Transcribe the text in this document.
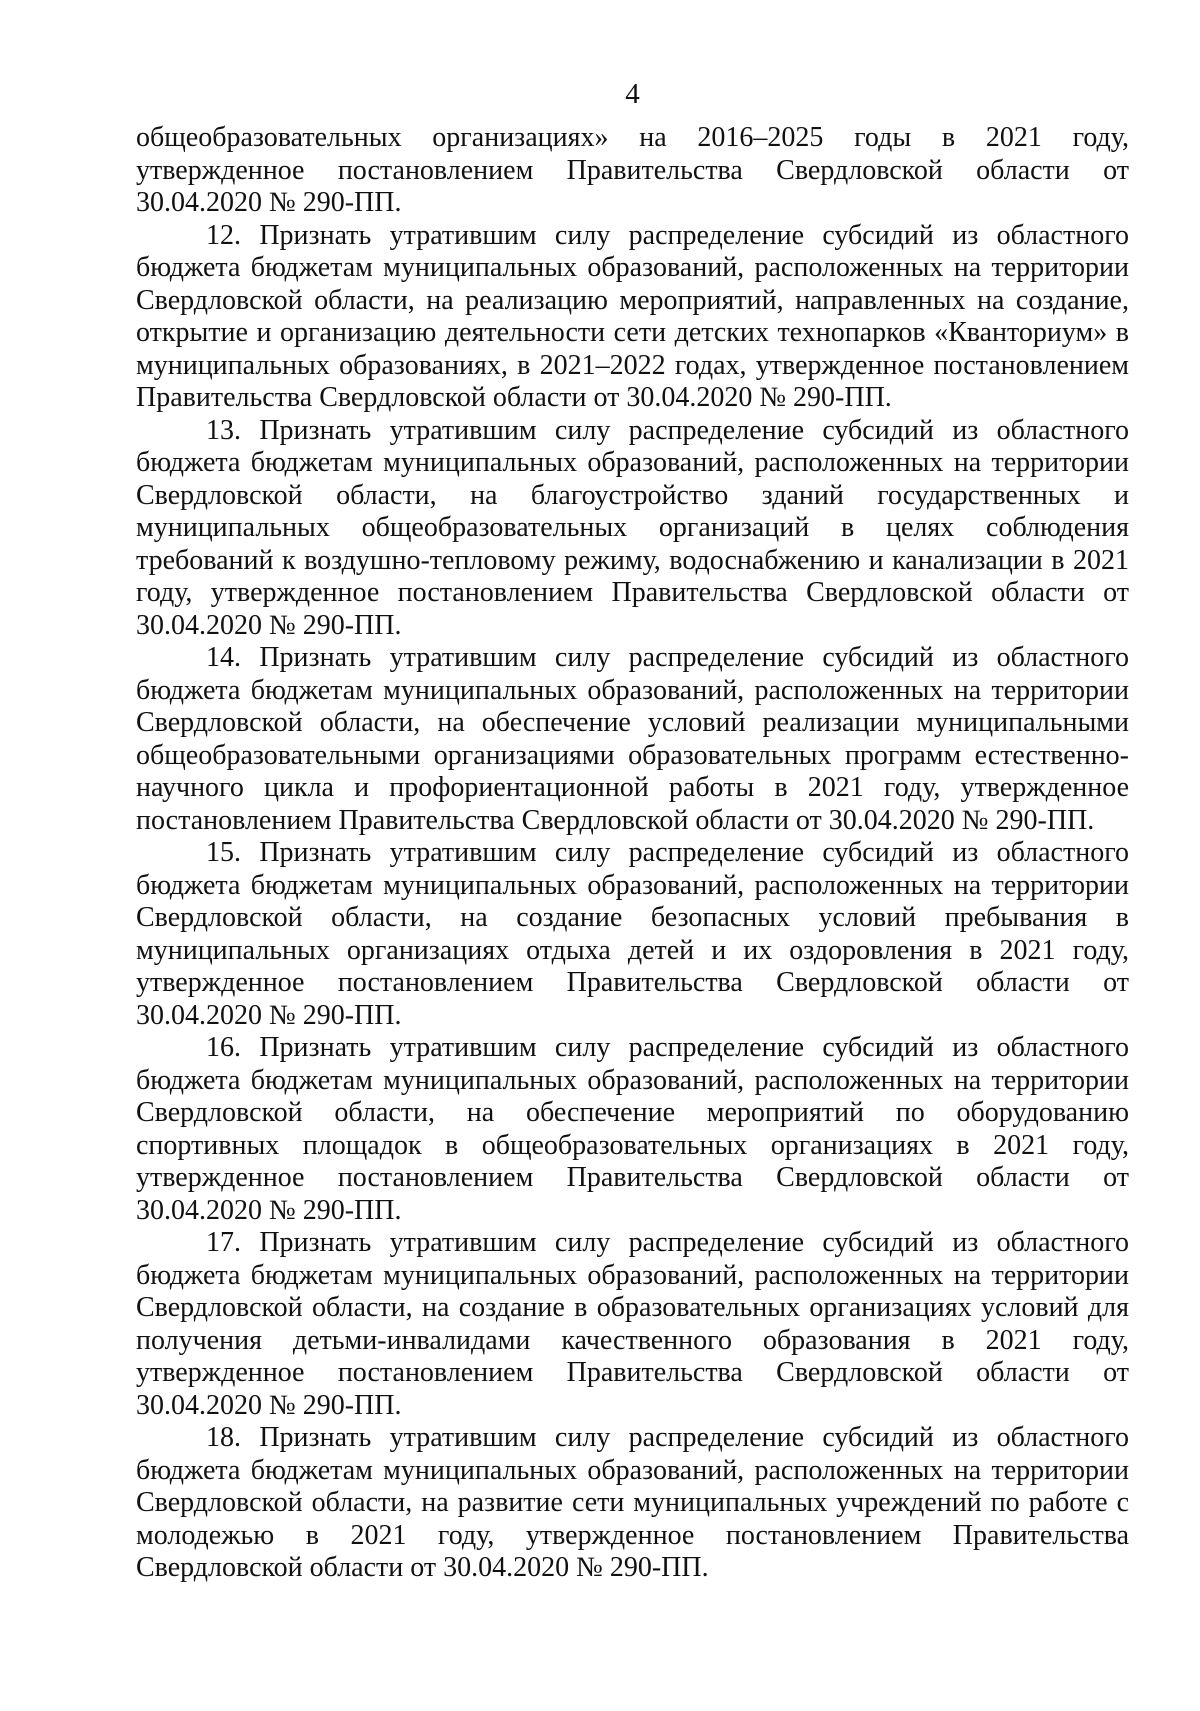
4

общеобразовательных организациях» на 2016–2025 годы в 2021 году, утвержденное постановлением Правительства Свердловской области от 30.04.2020 № 290-ПП.

12. Признать утратившим силу распределение субсидий из областного бюджета бюджетам муниципальных образований, расположенных на территории Свердловской области, на реализацию мероприятий, направленных на создание, открытие и организацию деятельности сети детских технопарков «Кванториум» в муниципальных образованиях, в 2021–2022 годах, утвержденное постановлением Правительства Свердловской области от 30.04.2020 № 290-ПП.

13. Признать утратившим силу распределение субсидий из областного бюджета бюджетам муниципальных образований, расположенных на территории Свердловской области, на благоустройство зданий государственных и муниципальных общеобразовательных организаций в целях соблюдения требований к воздушно-тепловому режиму, водоснабжению и канализации в 2021 году, утвержденное постановлением Правительства Свердловской области от 30.04.2020 № 290-ПП.

14. Признать утратившим силу распределение субсидий из областного бюджета бюджетам муниципальных образований, расположенных на территории Свердловской области, на обеспечение условий реализации муниципальными общеобразовательными организациями образовательных программ естественно-научного цикла и профориентационной работы в 2021 году, утвержденное постановлением Правительства Свердловской области от 30.04.2020 № 290-ПП.

15. Признать утратившим силу распределение субсидий из областного бюджета бюджетам муниципальных образований, расположенных на территории Свердловской области, на создание безопасных условий пребывания в муниципальных организациях отдыха детей и их оздоровления в 2021 году, утвержденное постановлением Правительства Свердловской области от 30.04.2020 № 290-ПП.

16. Признать утратившим силу распределение субсидий из областного бюджета бюджетам муниципальных образований, расположенных на территории Свердловской области, на обеспечение мероприятий по оборудованию спортивных площадок в общеобразовательных организациях в 2021 году, утвержденное постановлением Правительства Свердловской области от 30.04.2020 № 290-ПП.

17. Признать утратившим силу распределение субсидий из областного бюджета бюджетам муниципальных образований, расположенных на территории Свердловской области, на создание в образовательных организациях условий для получения детьми-инвалидами качественного образования в 2021 году, утвержденное постановлением Правительства Свердловской области от 30.04.2020 № 290-ПП.

18. Признать утратившим силу распределение субсидий из областного бюджета бюджетам муниципальных образований, расположенных на территории Свердловской области, на развитие сети муниципальных учреждений по работе с молодежью в 2021 году, утвержденное постановлением Правительства Свердловской области от 30.04.2020 № 290-ПП.
